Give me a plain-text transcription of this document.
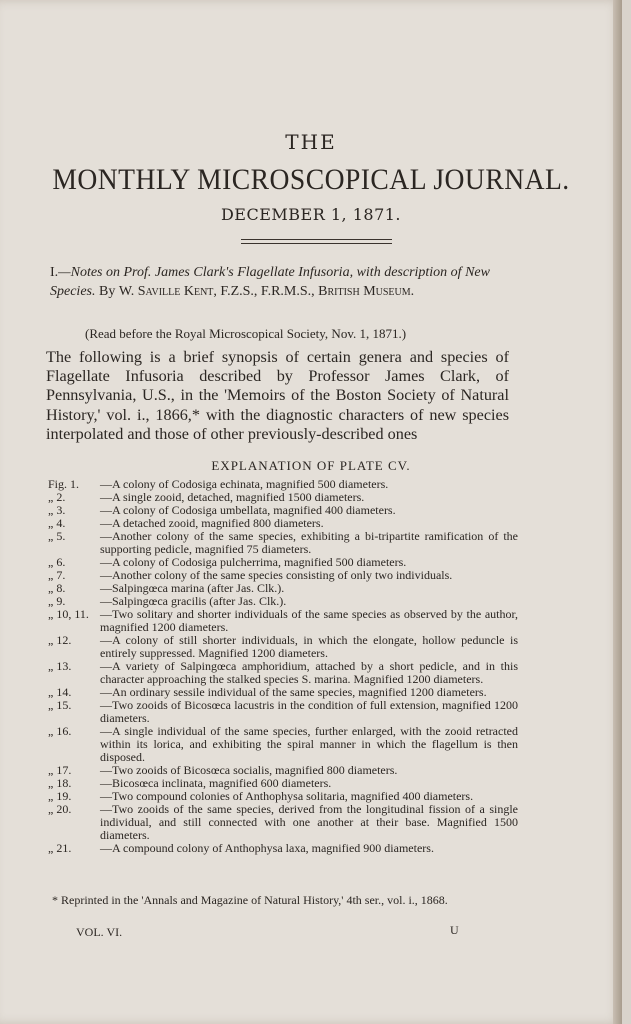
THE
MONTHLY MICROSCOPICAL JOURNAL.
DECEMBER 1, 1871.
I.—Notes on Prof. James Clark's Flagellate Infusoria, with description of New Species. By W. Saville Kent, F.Z.S., F.R.M.S., British Museum.
(Read before the Royal Microscopical Society, Nov. 1, 1871.)
The following is a brief synopsis of certain genera and species of Flagellate Infusoria described by Professor James Clark, of Pennsylvania, U.S., in the 'Memoirs of the Boston Society of Natural History,' vol. i., 1866,* with the diagnostic characters of new species interpolated and those of other previously-described ones
EXPLANATION OF PLATE CV.
Fig. 1.	—A colony of Codosiga echinata, magnified 500 diameters.
„ 2.	—A single zooid, detached, magnified 1500 diameters.
„ 3.	—A colony of Codosiga umbellata, magnified 400 diameters.
„ 4.	—A detached zooid, magnified 800 diameters.
„ 5.	—Another colony of the same species, exhibiting a bi-tripartite ramification of the supporting pedicle, magnified 75 diameters.
„ 6.	—A colony of Codosiga pulcherrima, magnified 500 diameters.
„ 7.	—Another colony of the same species consisting of only two individuals.
„ 8.	—Salpingœca marina (after Jas. Clk.).
„ 9.	—Salpingœca gracilis (after Jas. Clk.).
„ 10, 11. —Two solitary and shorter individuals of the same species as observed by the author, magnified 1200 diameters.
„ 12.	—A colony of still shorter individuals, in which the elongate, hollow peduncle is entirely suppressed. Magnified 1200 diameters.
„ 13.	—A variety of Salpingœca amphoridium, attached by a short pedicle, and in this character approaching the stalked species S. marina. Magnified 1200 diameters.
„ 14.	—An ordinary sessile individual of the same species, magnified 1200 diameters.
„ 15.	—Two zooids of Bicosœca lacustris in the condition of full extension, magnified 1200 diameters.
„ 16.	—A single individual of the same species, further enlarged, with the zooid retracted within its lorica, and exhibiting the spiral manner in which the flagellum is then disposed.
„ 17.	—Two zooids of Bicosœca socialis, magnified 800 diameters.
„ 18.	—Bicosœca inclinata, magnified 600 diameters.
„ 19.	—Two compound colonies of Anthophysa solitaria, magnified 400 diameters.
„ 20.	—Two zooids of the same species, derived from the longitudinal fission of a single individual, and still connected with one another at their base. Magnified 1500 diameters.
„ 21.	—A compound colony of Anthophysa laxa, magnified 900 diameters.
* Reprinted in the 'Annals and Magazine of Natural History,' 4th ser., vol. i., 1868.
VOL. VI.	U
